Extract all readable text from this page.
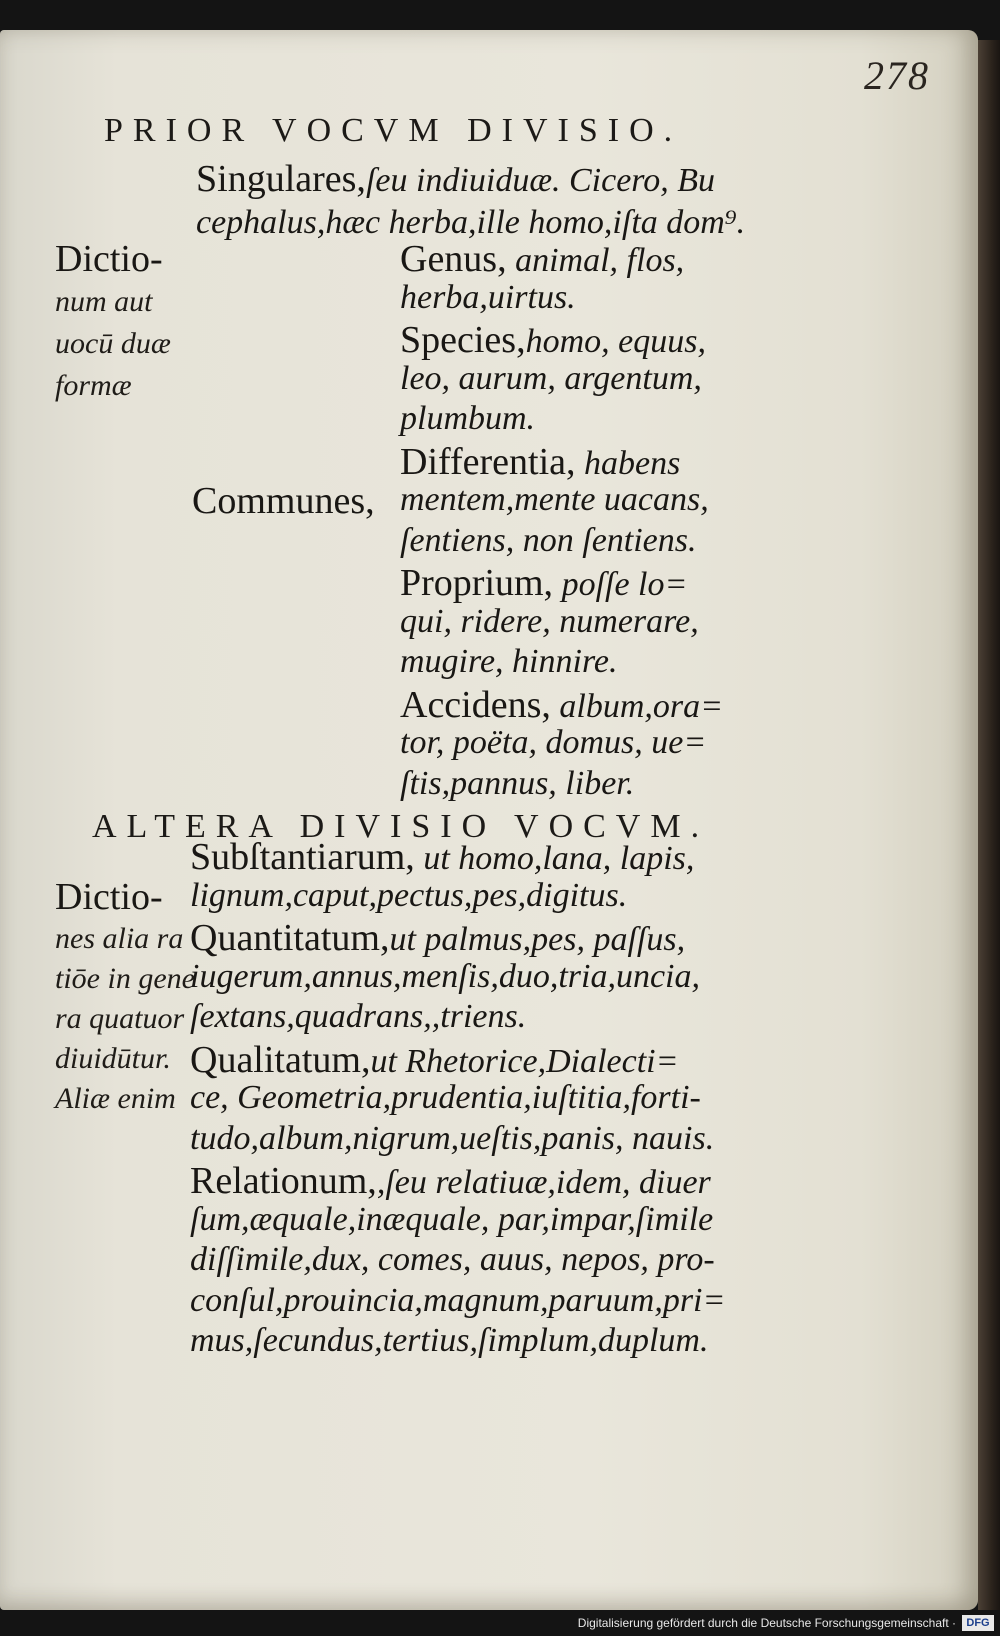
278
PRIOR VOCVM DIVISIO.
Singulares,ſeu indiuiduæ. Cicero, Bu
cephalus,hæc herba,ille homo,iſta dom⁹.
Dictio-
num aut
uocū duæ
formæ
Communes,
Genus, animal, flos,
herba,uirtus.
Species,homo, equus,
leo, aurum, argentum,
plumbum.
Differentia, habens
mentem,mente uacans,
ſentiens, non ſentiens.
Proprium, poſſe lo=
qui, ridere, numerare,
mugire, hinnire.
Accidens, album,ora=
tor, poëta, domus, ue=
ſtis,pannus, liber.
ALTERA DIVISIO VOCVM.
Dictio-
nes alia ra
tiōe in gene
ra quatuor
diuidūtur.
Aliæ enim
Subſtantiarum, ut homo,lana, lapis,
lignum,caput,pectus,pes,digitus.
Quantitatum,ut palmus,pes, paſſus,
iugerum,annus,menſis,duo,tria,uncia,
ſextans,quadrans,,triens.
Qualitatum,ut Rhetorice,Dialecti=
ce, Geometria,prudentia,iuſtitia,forti-
tudo,album,nigrum,ueſtis,panis, nauis.
Relationum,,ſeu relatiuæ,idem, diuer
ſum,æquale,inæquale, par,impar,ſimile
diſſimile,dux, comes, auus, nepos, pro-
conſul,prouincia,magnum,paruum,pri=
mus,ſecundus,tertius,ſimplum,duplum.
Digitalisierung gefördert durch die Deutsche Forschungsgemeinschaft · DFG
